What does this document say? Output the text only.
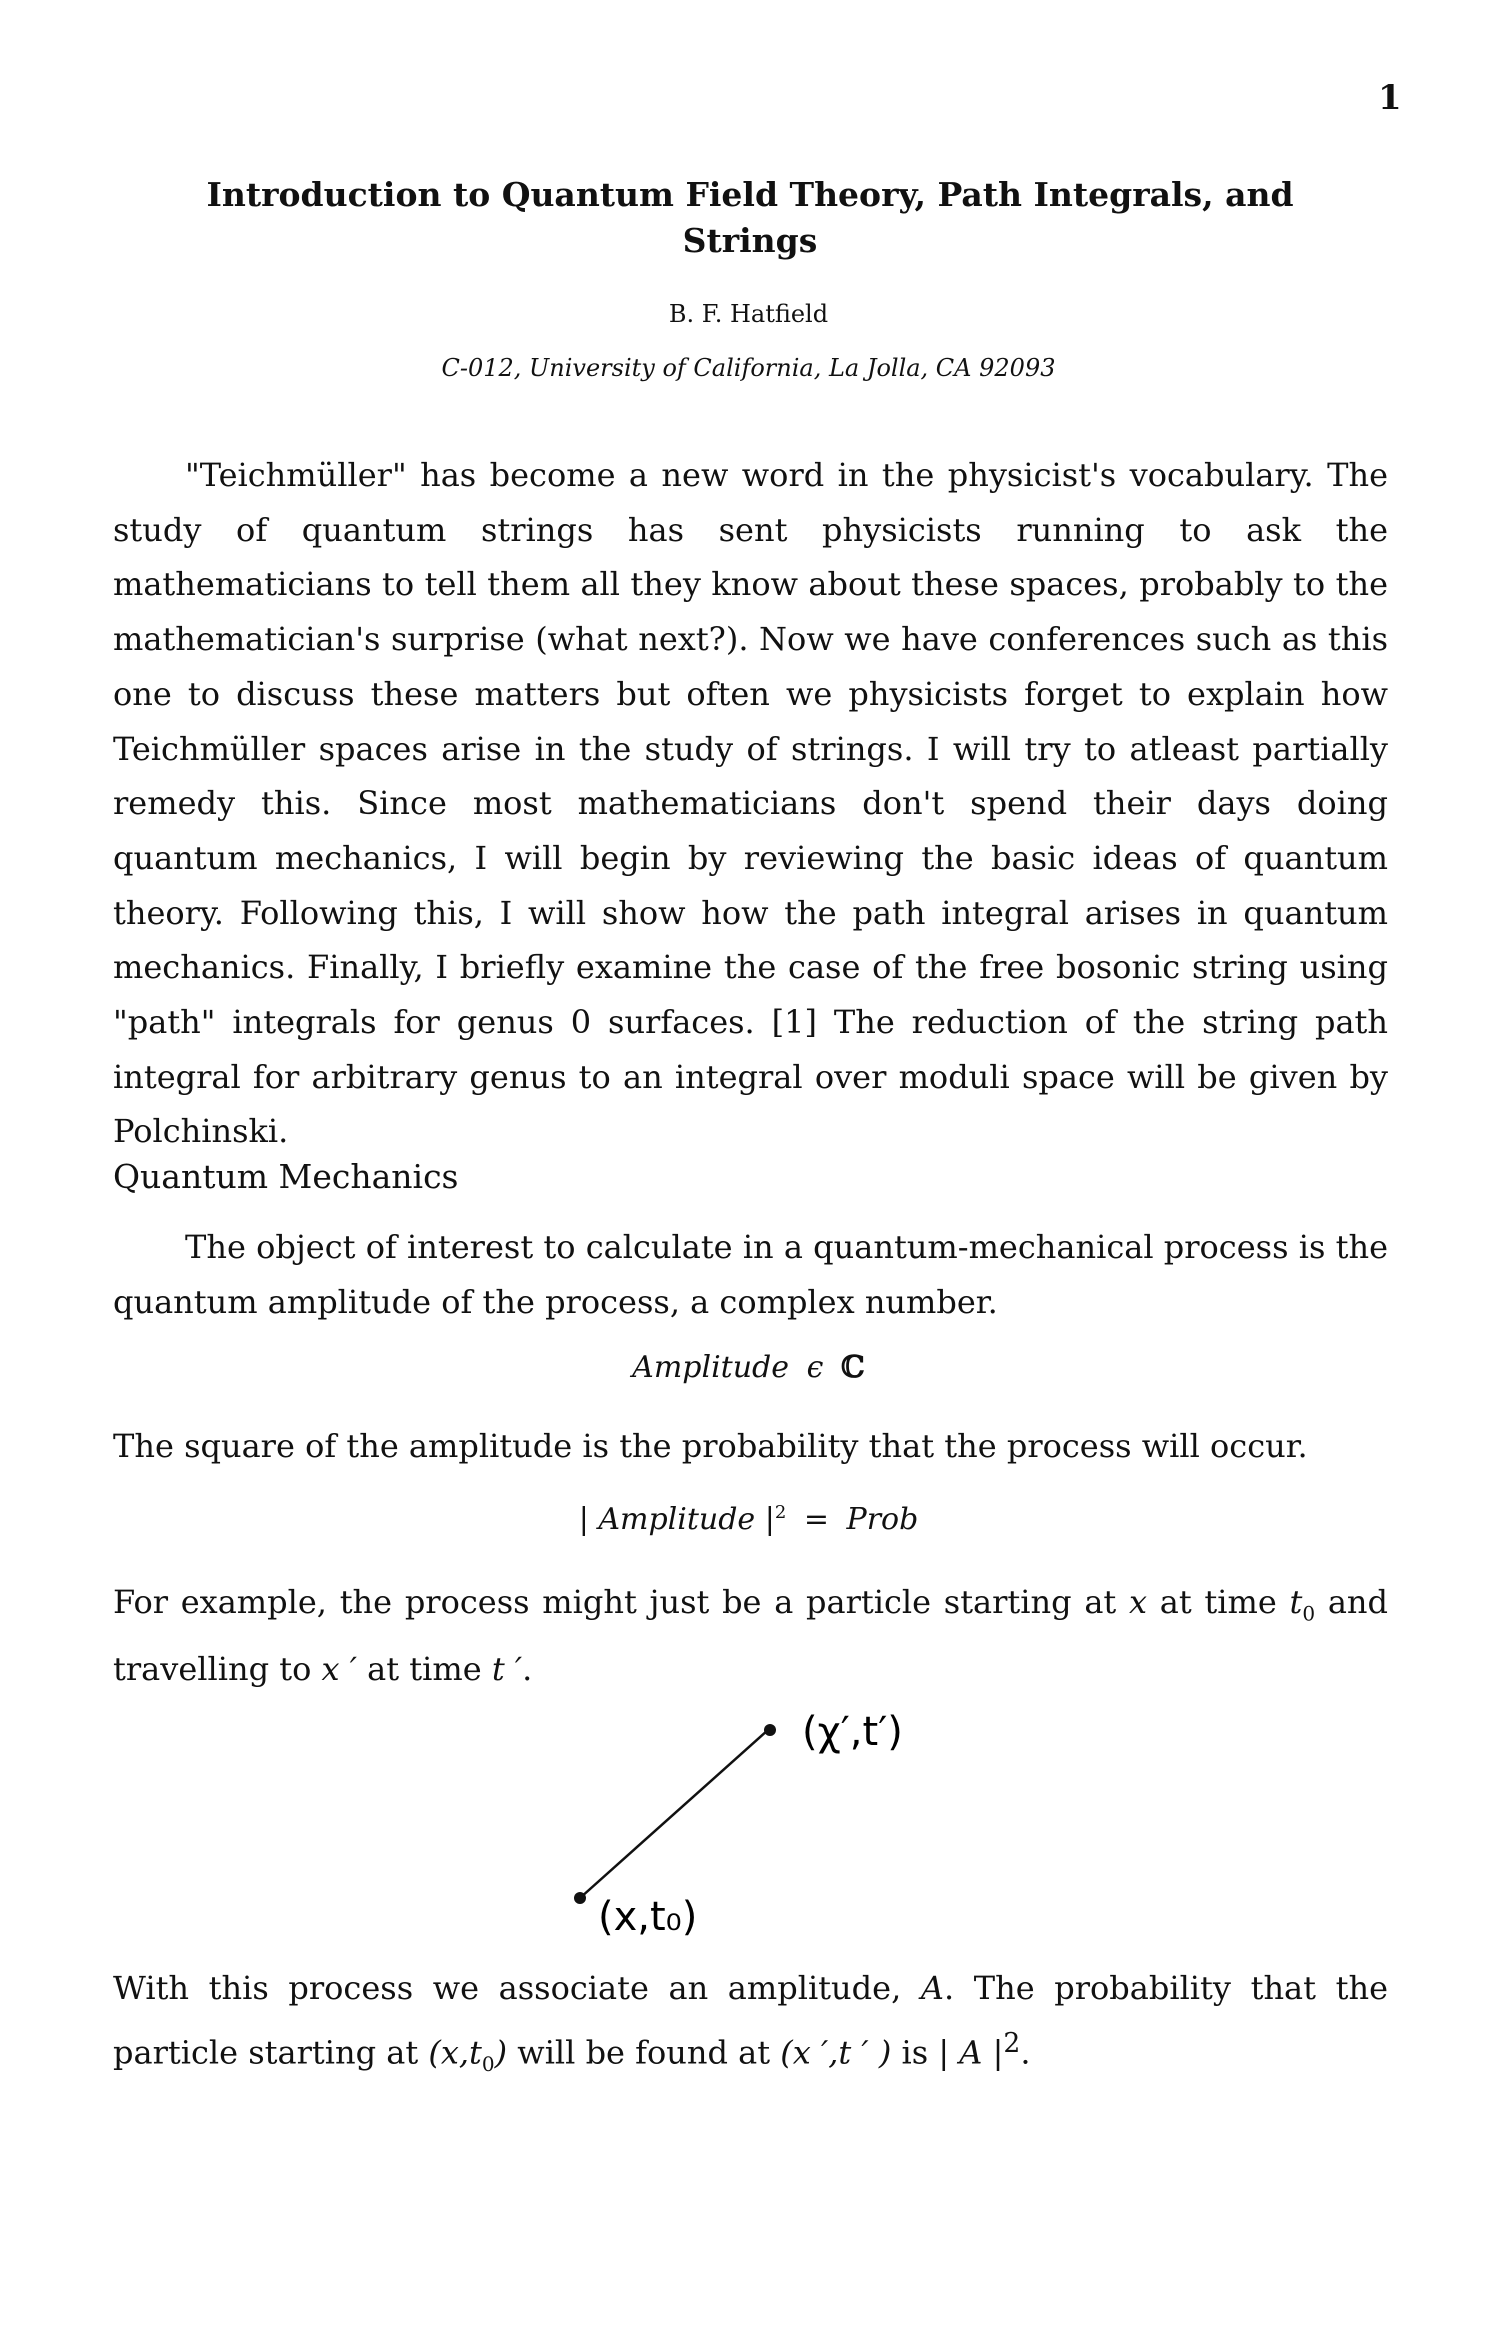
1
Introduction to Quantum Field Theory, Path Integrals, and Strings
B. F. Hatfield
C-012, University of California, La Jolla, CA 92093

"Teichmüller" has become a new word in the physicist's vocabulary. The study of quantum strings has sent physicists running to ask the mathematicians to tell them all they know about these spaces, probably to the mathematician's surprise (what next?). Now we have conferences such as this one to discuss these matters but often we physicists forget to explain how Teichmüller spaces arise in the study of strings. I will try to atleast partially remedy this. Since most mathematicians don't spend their days doing quantum mechanics, I will begin by reviewing the basic ideas of quantum theory. Following this, I will show how the path integral arises in quantum mechanics. Finally, I briefly examine the case of the free bosonic string using "path" integrals for genus 0 surfaces. [1] The reduction of the string path integral for arbitrary genus to an integral over moduli space will be given by Polchinski.

Quantum Mechanics

The object of interest to calculate in a quantum-mechanical process is the quantum amplitude of the process, a complex number.

Amplitude ϵ ℂ
The square of the amplitude is the probability that the process will occur.
| Amplitude $|^2$ = Prob

For example, the process might just be a particle starting at x at time $t_0$ and travelling to x ′ at time t ′.

(χ′,t′)
(x,t₀)

With this process we associate an amplitude, A. The probability that the particle starting at $(x,t_0)$ will be found at (x ′,t ′ ) is | A $|^2$.
